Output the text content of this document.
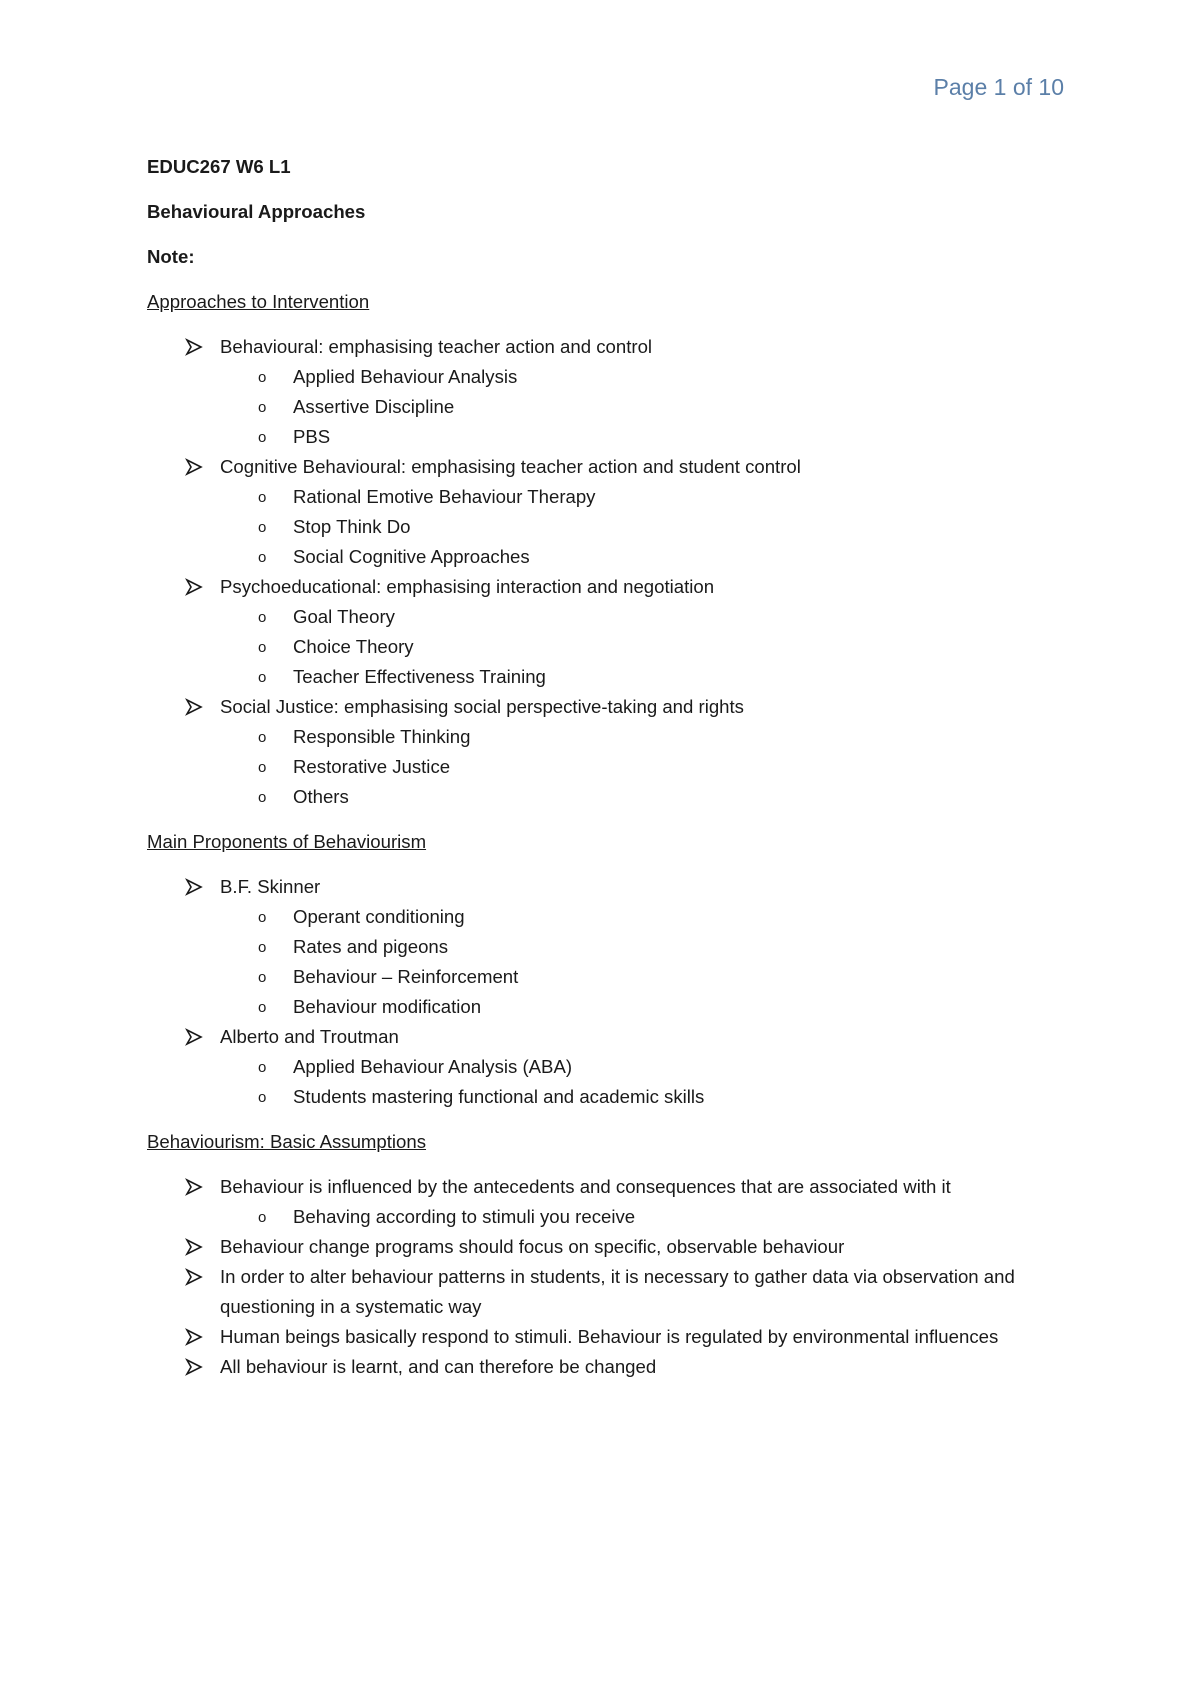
Page 1 of 10

EDUC267 W6 L1

Behavioural Approaches

Note:

Approaches to Intervention

Behavioural: emphasising teacher action and control
o Applied Behaviour Analysis
o Assertive Discipline
o PBS
Cognitive Behavioural: emphasising teacher action and student control
o Rational Emotive Behaviour Therapy
o Stop Think Do
o Social Cognitive Approaches
Psychoeducational: emphasising interaction and negotiation
o Goal Theory
o Choice Theory
o Teacher Effectiveness Training
Social Justice: emphasising social perspective-taking and rights
o Responsible Thinking
o Restorative Justice
o Others

Main Proponents of Behaviourism

B.F. Skinner
o Operant conditioning
o Rates and pigeons
o Behaviour – Reinforcement
o Behaviour modification
Alberto and Troutman
o Applied Behaviour Analysis (ABA)
o Students mastering functional and academic skills

Behaviourism: Basic Assumptions

Behaviour is influenced by the antecedents and consequences that are associated with it
o Behaving according to stimuli you receive
Behaviour change programs should focus on specific, observable behaviour
In order to alter behaviour patterns in students, it is necessary to gather data via observation and questioning in a systematic way
Human beings basically respond to stimuli. Behaviour is regulated by environmental influences
All behaviour is learnt, and can therefore be changed
